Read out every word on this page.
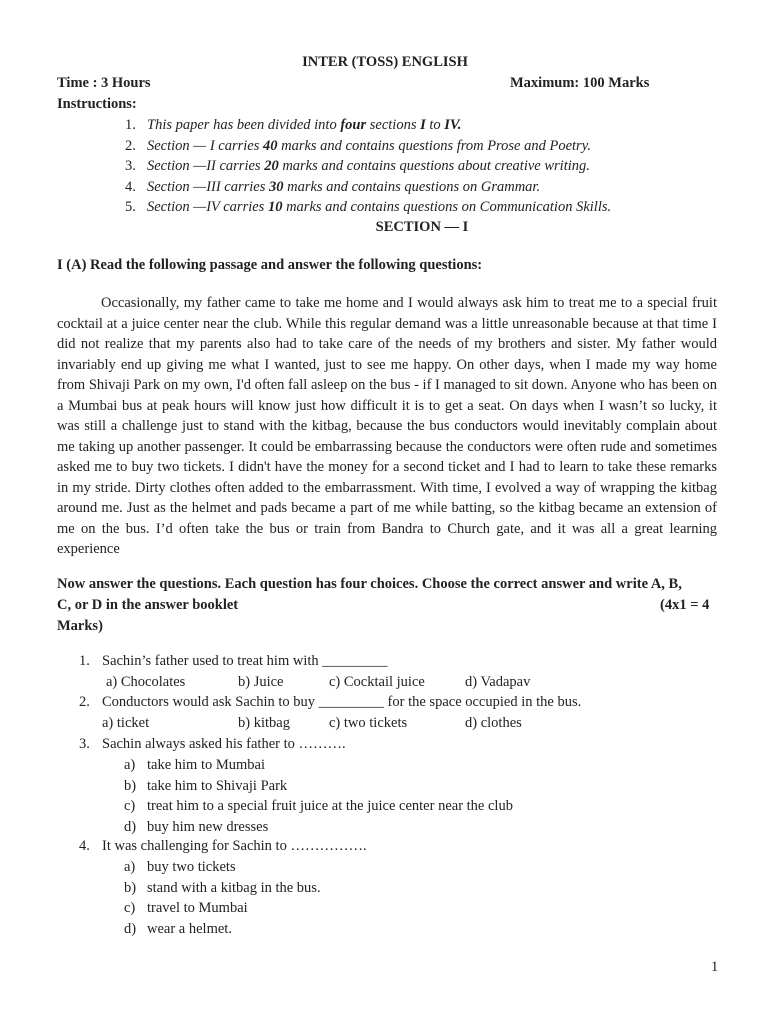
INTER (TOSS) ENGLISH
Time : 3 Hours	Maximum: 100 Marks
Instructions:
1. This paper has been divided into four sections I to IV.
2. Section — I carries 40 marks and contains questions from Prose and Poetry.
3. Section —II carries 20 marks and contains questions about creative writing.
4. Section —III carries 30 marks and contains questions on Grammar.
5. Section —IV carries 10 marks and contains questions on Communication Skills.
SECTION — I
I (A) Read the following passage and answer the following questions:
Occasionally, my father came to take me home and I would always ask him to treat me to a special fruit cocktail at a juice center near the club. While this regular demand was a little unreasonable because at that time I did not realize that my parents also had to take care of the needs of my brothers and sister. My father would invariably end up giving me what I wanted, just to see me happy. On other days, when I made my way home from Shivaji Park on my own, I'd often fall asleep on the bus - if I managed to sit down. Anyone who has been on a Mumbai bus at peak hours will know just how difficult it is to get a seat. On days when I wasn’t so lucky, it was still a challenge just to stand with the kitbag, because the bus conductors would inevitably complain about me taking up another passenger. It could be embarrassing because the conductors were often rude and sometimes asked me to buy two tickets. I didn't have the money for a second ticket and I had to learn to take these remarks in my stride. Dirty clothes often added to the embarrassment. With time, I evolved a way of wrapping the kitbag around me. Just as the helmet and pads became a part of me while batting, so the kitbag became an extension of me on the bus. I’d often take the bus or train from Bandra to Church gate, and it was all a great learning experience
Now answer the questions. Each question has four choices. Choose the correct answer and write A, B,
C, or D in the answer booklet	(4x1 = 4
Marks)
1. Sachin’s father used to treat him with _________
a) Chocolates	b) Juice	c) Cocktail juice	d) Vadapav
2. Conductors would ask Sachin to buy _________ for the space occupied in the bus.
a) ticket	b) kitbag	c) two tickets	d) clothes
3. Sachin always asked his father to ……….
a) take him to Mumbai
b) take him to Shivaji Park
c) treat him to a special fruit juice at the juice center near the club
d) buy him new dresses
4. It was challenging for Sachin to …………….
a) buy two tickets
b) stand with a kitbag in the bus.
c) travel to Mumbai
d) wear a helmet.
1
